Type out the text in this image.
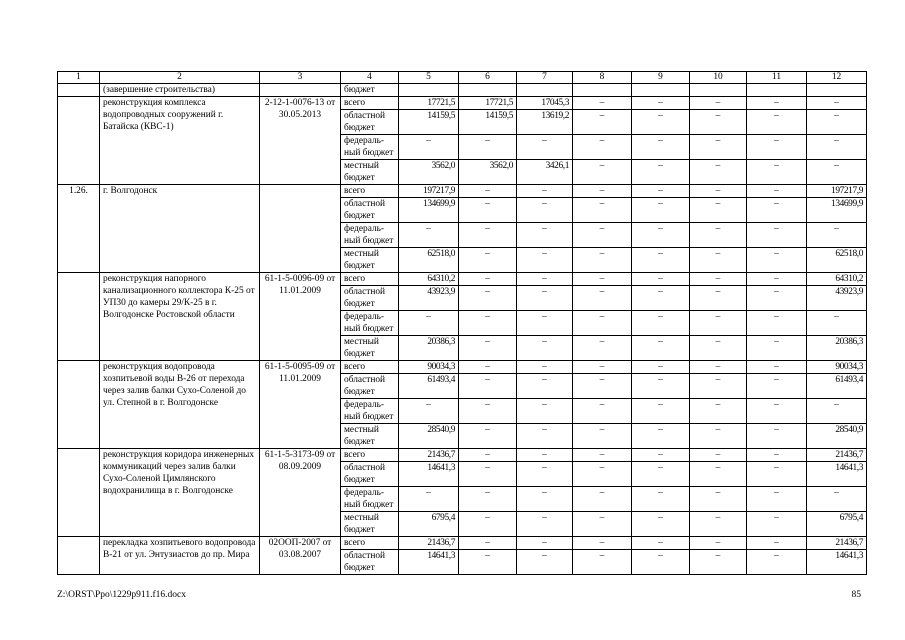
1	2	3	4	5	6	7	8	9	10	11	12
	(завершение строительства)		бюджет								
	реконструкция комплекса водопроводных сооружений г. Батайска (КВС-1)	2-12-1-0076-13 от 30.05.2013	всего	17721,5	17721,5	17045,3	–	–	–	–	–
			областной бюджет	14159,5	14159,5	13619,2	–	–	–	–	–
			федераль-ный бюджет	–	–	–	–	–	–	–	–
			местный бюджет	3562,0	3562,0	3426,1	–	–	–	–	–
1.26.	г. Волгодонск		всего	197217,9	–	–	–	–	–	–	197217,9
			областной бюджет	134699,9	–	–	–	–	–	–	134699,9
			федераль-ный бюджет	–	–	–	–	–	–	–	–
			местный бюджет	62518,0	–	–	–	–	–	–	62518,0
	реконструкция напорного канализационного коллектора К-25 от УП30 до камеры 29/К-25 в г. Волгодонске Ростовской области	61-1-5-0096-09 от 11.01.2009	всего	64310,2	–	–	–	–	–	–	64310,2
			областной бюджет	43923,9	–	–	–	–	–	–	43923,9
			федераль-ный бюджет	–	–	–	–	–	–	–	–
			местный бюджет	20386,3	–	–	–	–	–	–	20386,3
	реконструкция водопровода хозпитьевой воды В-26 от перехода через залив балки Сухо-Соленой до ул. Степной в г. Волгодонске	61-1-5-0095-09 от 11.01.2009	всего	90034,3	–	–	–	–	–	–	90034,3
			областной бюджет	61493,4	–	–	–	–	–	–	61493,4
			федераль-ный бюджет	–	–	–	–	–	–	–	–
			местный бюджет	28540,9	–	–	–	–	–	–	28540,9
	реконструкция коридора инженерных коммуникаций через залив балки Сухо-Соленой Цимлянского водохранилища в г. Волгодонске	61-1-5-3173-09 от 08.09.2009	всего	21436,7	–	–	–	–	–	–	21436,7
			областной бюджет	14641,3	–	–	–	–	–	–	14641,3
			федераль-ный бюджет	–	–	–	–	–	–	–	–
			местный бюджет	6795,4	–	–	–	–	–	–	6795,4
	перекладка хозпитьевого водопровода В-21 от ул. Энтузиастов до пр. Мира	02ООП-2007 от 03.08.2007	всего	21436,7	–	–	–	–	–	–	21436,7
			областной бюджет	14641,3	–	–	–	–	–	–	14641,3
Z:\ORST\Ppo\1229p911.f16.docx	85
